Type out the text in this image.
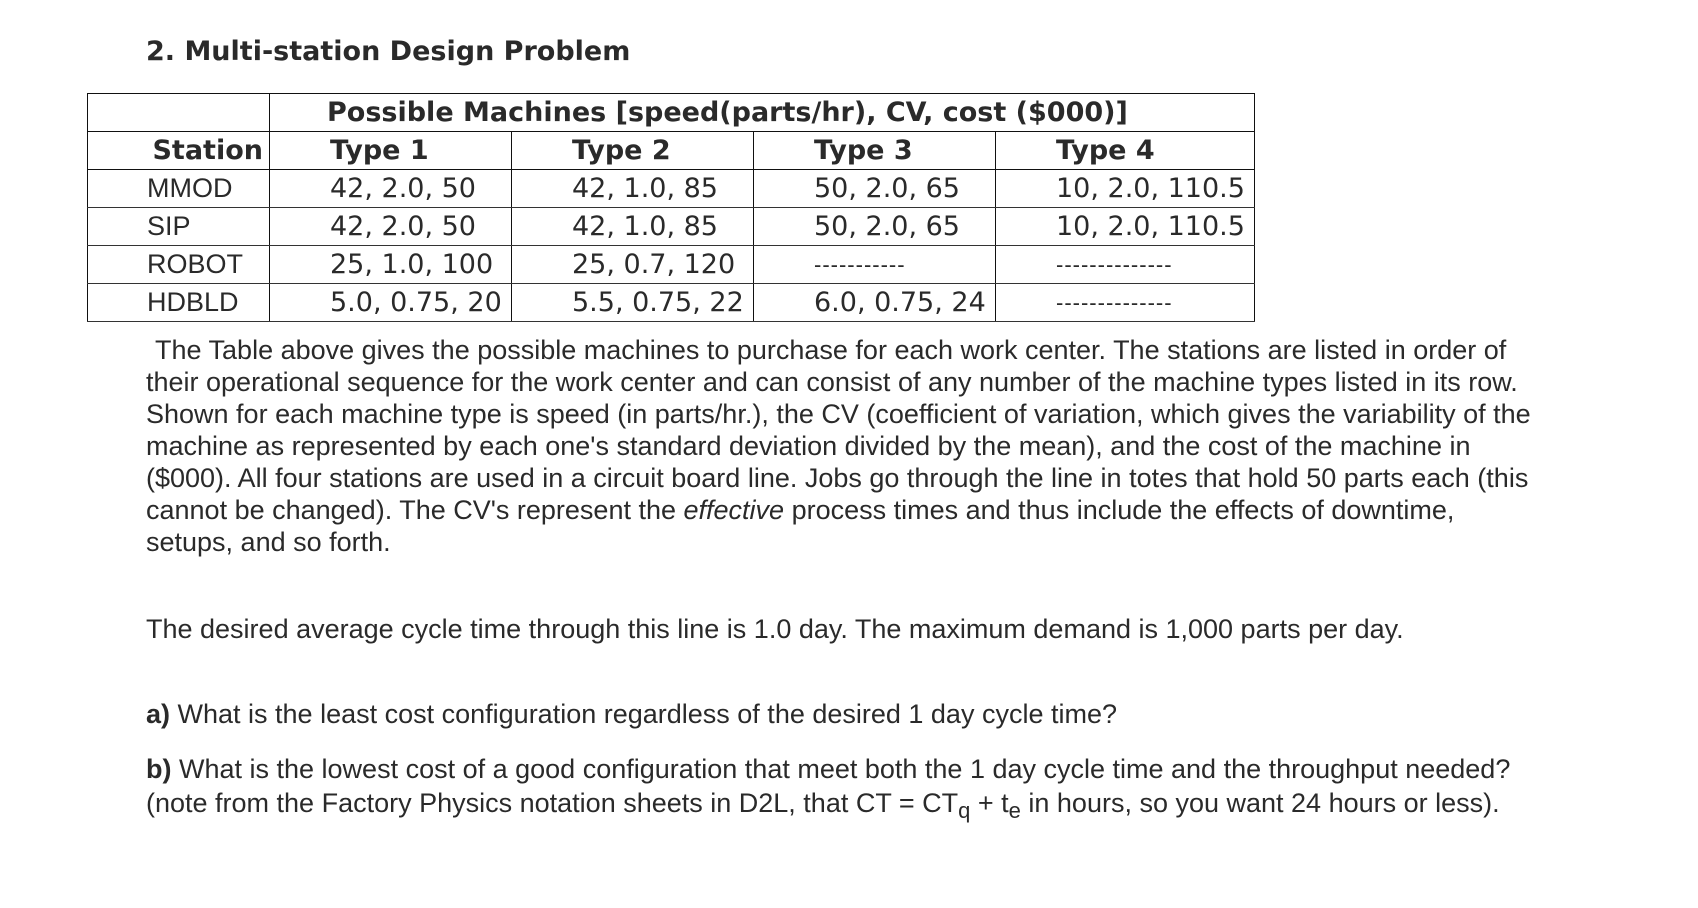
2. Multi-station Design Problem
	Possible Machines [speed(parts/hr), CV, cost ($000)]			
Station	Type 1	Type 2	Type 3	Type 4
MMOD	42, 2.0, 50	42, 1.0, 85	50, 2.0, 65	10, 2.0, 110.5
SIP	42, 2.0, 50	42, 1.0, 85	50, 2.0, 65	10, 2.0, 110.5
ROBOT	25, 1.0, 100	25, 0.7, 120	-----------	--------------
HDBLD	5.0, 0.75, 20	5.5, 0.75, 22	6.0, 0.75, 24	--------------

The Table above gives the possible machines to purchase for each work center. The stations are listed in order of their operational sequence for the work center and can consist of any number of the machine types listed in its row. Shown for each machine type is speed (in parts/hr.), the CV (coefficient of variation, which gives the variability of the machine as represented by each one's standard deviation divided by the mean), and the cost of the machine in ($000). All four stations are used in a circuit board line. Jobs go through the line in totes that hold 50 parts each (this cannot be changed). The CV's represent the effective process times and thus include the effects of downtime, setups, and so forth.

The desired average cycle time through this line is 1.0 day. The maximum demand is 1,000 parts per day.

a) What is the least cost configuration regardless of the desired 1 day cycle time?

b) What is the lowest cost of a good configuration that meet both the 1 day cycle time and the throughput needed? (note from the Factory Physics notation sheets in D2L, that CT = $CT_q + t_e$ in hours, so you want 24 hours or less).
